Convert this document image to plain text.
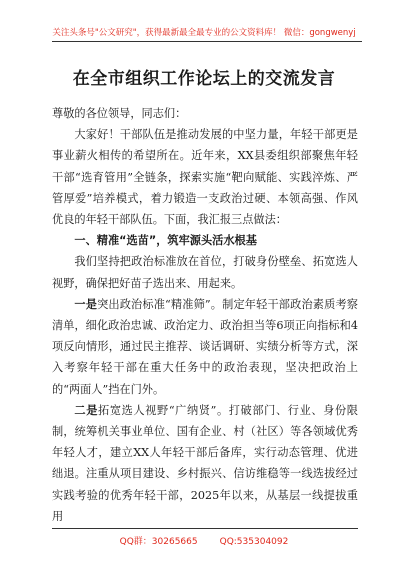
关注头条号"公文研究"，获得最新最全最专业的公文资料库！ 微信：gongwenyj
在全市组织工作论坛上的交流发言

尊敬的各位领导，同志们：

大家好！干部队伍是推动发展的中坚力量，年轻干部更是事业薪火相传的希望所在。近年来，XX县委组织部聚焦年轻干部“选育管用”全链条，探索实施“靶向赋能、实践淬炼、严管厚爱”培养模式，着力锻造一支政治过硬、本领高强、作风优良的年轻干部队伍。下面，我汇报三点做法：

一、精准“选苗”，筑牢源头活水根基

我们坚持把政治标准放在首位，打破身份壁垒、拓宽选人视野，确保把好苗子选出来、用起来。

一是突出政治标准“精准筛”。制定年轻干部政治素质考察清单，细化政治忠诚、政治定力、政治担当等6项正向指标和4项反向情形，通过民主推荐、谈话调研、实绩分析等方式，深入考察年轻干部在重大任务中的政治表现，坚决把政治上的“两面人”挡在门外。

二是拓宽选人视野“广纳贤”。打破部门、行业、身份限制，统筹机关事业单位、国有企业、村（社区）等各领域优秀年轻人才，建立XX人年轻干部后备库，实行动态管理、优进绌退。注重从项目建设、乡村振兴、信访维稳等一线选拔经过实践考验的优秀年轻干部，2025年以来，从基层一线提拔重用

QQ群：30265665 QQ:535304092
